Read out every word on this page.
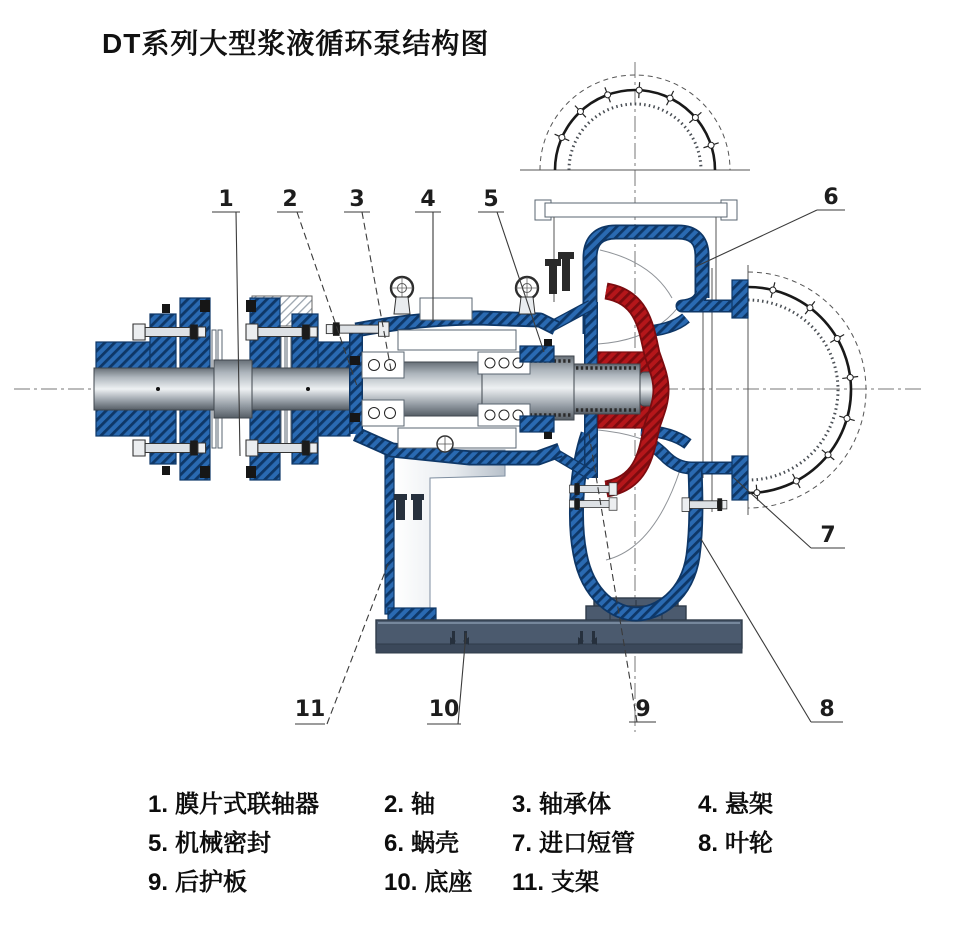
DT系列大型浆液循环泵结构图
1 2 3	4 5	6
7
8
9
10
11
1. 膜片式联轴器	2. 轴	3. 轴承体	4. 悬架
5. 机械密封	6. 蜗壳	7. 进口短管	8. 叶轮
9. 后护板	10. 底座	11. 支架
